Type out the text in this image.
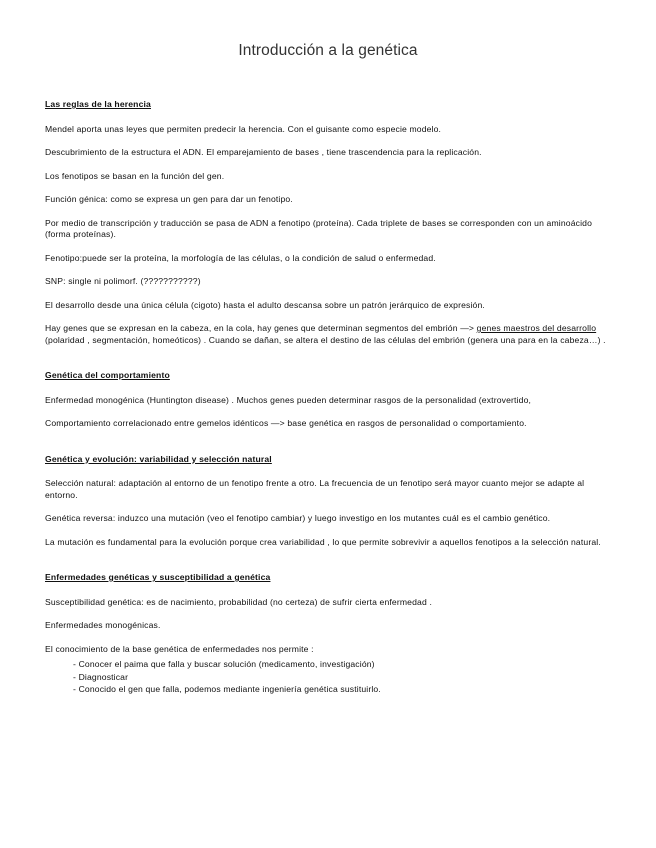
Introducción a la genética
Las reglas de la herencia
Mendel aporta unas leyes que permiten predecir la herencia. Con el guisante como especie modelo.
Descubrimiento de la estructura el ADN. El emparejamiento de bases , tiene trascendencia para la replicación.
Los fenotipos se basan en la función del gen.
Función génica: como se expresa un gen para dar un fenotipo.
Por medio de transcripción y traducción se pasa de ADN a fenotipo (proteína). Cada triplete de bases se corresponden con un aminoácido (forma proteínas).
Fenotipo:puede ser la proteína, la morfología de las células, o la condición de salud o enfermedad.
SNP: single ni polimorf. (???????????)
El desarrollo desde una única célula (cigoto) hasta el adulto descansa sobre un patrón jerárquico de expresión.
Hay genes que se expresan en la cabeza, en la cola, hay genes que determinan segmentos del embrión —> genes maestros del desarrollo (polaridad , segmentación, homeóticos) . Cuando se dañan, se altera el destino de las células del embrión (genera una para en la cabeza…) .
Genética del comportamiento
Enfermedad monogénica (Huntington disease) . Muchos genes pueden determinar rasgos de la personalidad (extrovertido,
Comportamiento correlacionado entre gemelos idénticos —> base genética en rasgos de personalidad o comportamiento.
Genética y evolución: variabilidad y selección natural
Selección natural: adaptación al entorno de un fenotipo frente a otro. La frecuencia de un fenotipo será mayor cuanto mejor se adapte al entorno.
Genética reversa: induzco una mutación (veo el fenotipo cambiar) y luego investigo en los mutantes cuál es el cambio genético.
La mutación es fundamental para la evolución porque crea variabilidad , lo que permite sobrevivir a aquellos fenotipos a la selección natural.
Enfermedades genéticas y susceptibilidad a genética
Susceptibilidad genética: es de nacimiento, probabilidad (no certeza) de sufrir cierta enfermedad .
Enfermedades monogénicas.
El conocimiento de la base genética de enfermedades nos permite :
- Conocer el paima que falla y buscar solución (medicamento, investigación)
- Diagnosticar
- Conocido el gen que falla, podemos mediante ingeniería genética sustituirlo.
